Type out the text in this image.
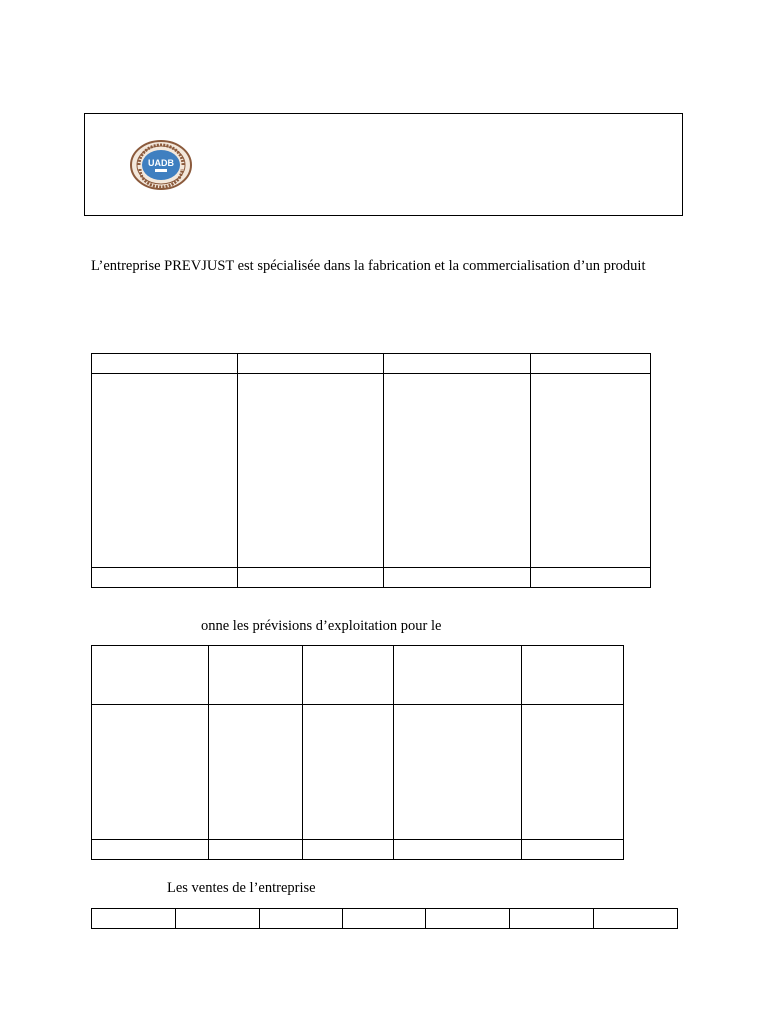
UADB
L’entreprise PREVJUST est spécialisée dans la fabrication et la commercialisation d’un produit

onne les prévisions d’exploitation pour le

Les ventes de l’entreprise
